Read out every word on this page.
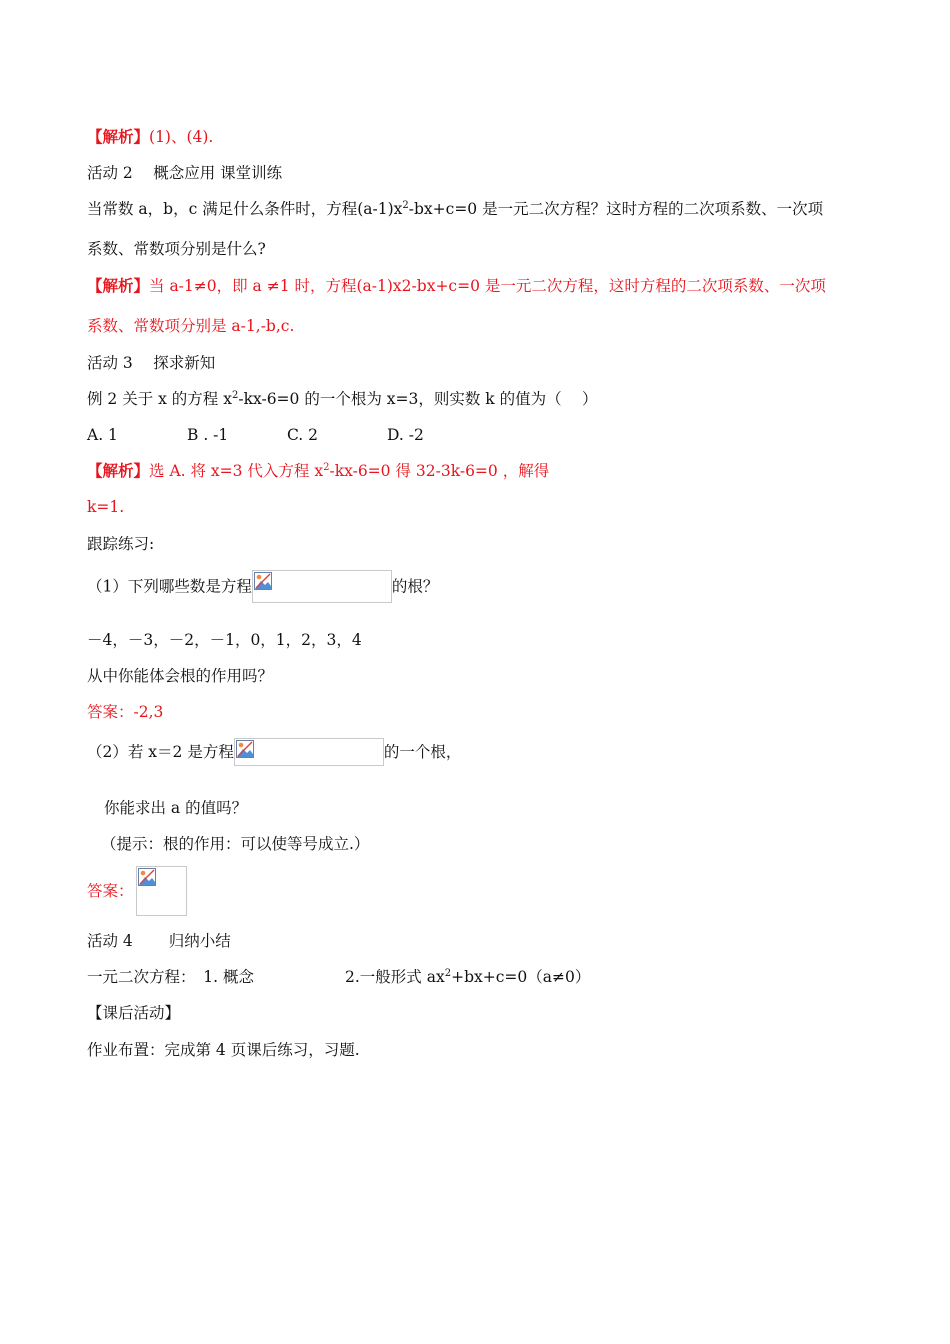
【解析】(1)、(4).
活动 2　 概念应用 课堂训练
当常数 a，b，c 满足什么条件时，方程$(a-1)x^2-bx+c=0$ 是一元二次方程？这时方程的二次项系数、一次项
系数、常数项分别是什么?
【解析】当 a-1≠0，即 a ≠1 时，方程(a-1)x2-bx+c=0 是一元二次方程，这时方程的二次项系数、一次项
系数、常数项分别是 a-1,-b,c.
活动 3　 探求新知
例 2 关于 x 的方程 $x^2-kx-6=0$ 的一个根为 x=3，则实数 k 的值为（　 ）
A. 1	B . -1	C. 2	D. -2
【解析】选 A. 将 x=3 代入方程 $x^2-kx-6=0$ 得 32-3k-6=0 ，解得
k=1.
跟踪练习:
（1）下列哪些数是方程	的根？
－4，－3，－2，－1，0，1，2，3，4
从中你能体会根的作用吗？
答案：-2,3
（2）若 x＝2 是方程	的一个根，
你能求出 a 的值吗？
（提示：根的作用：可以使等号成立.）
答案：
活动 4　 　归纳小结
一元二次方程：　1. 概念	2.一般形式 $ax^2+bx+c=0(a\ne 0)$
【课后活动】
作业布置：完成第 4 页课后练习，习题.
